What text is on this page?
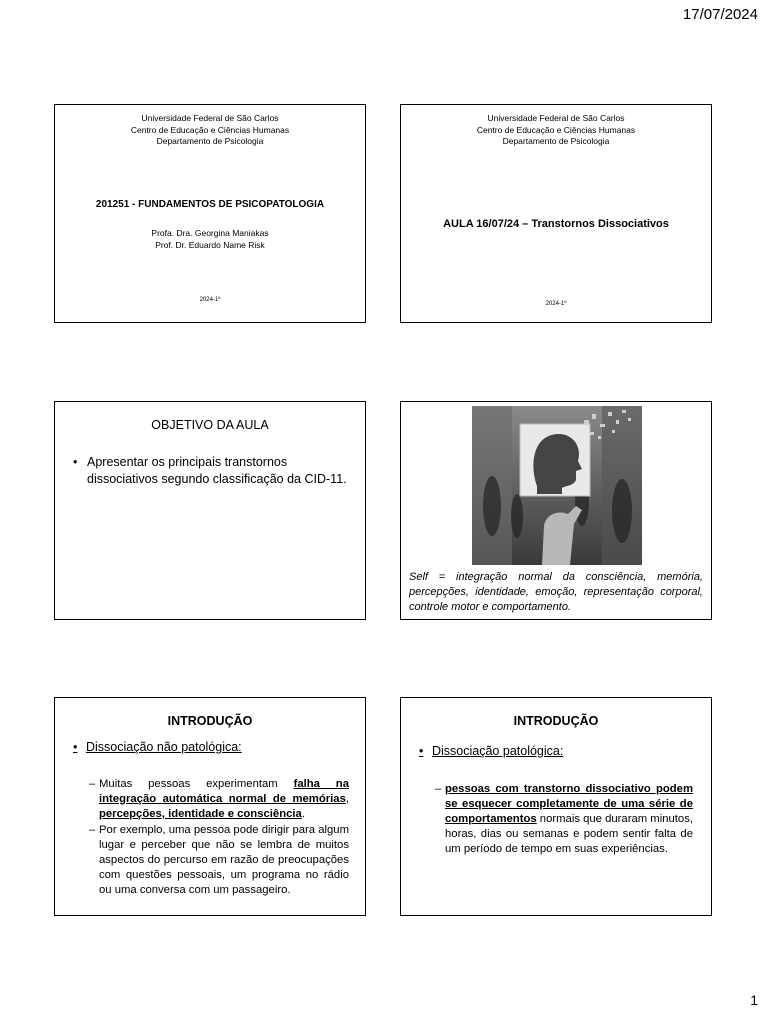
17/07/2024
Universidade Federal de São Carlos
Centro de Educação e Ciências Humanas
Departamento de Psicologia
201251 - FUNDAMENTOS DE PSICOPATOLOGIA
Profa. Dra. Georgina Maniakas
Prof. Dr. Eduardo Name Risk
2024-1º
Universidade Federal de São Carlos
Centro de Educação e Ciências Humanas
Departamento de Psicologia
AULA 16/07/24 – Transtornos Dissociativos
2024-1º
OBJETIVO DA AULA
• Apresentar os principais transtornos dissociativos segundo classificação da CID-11.
Self = integração normal da consciência, memória, percepções, identidade, emoção, representação corporal, controle motor e comportamento.
INTRODUÇÃO
• Dissociação não patológica:
– Muitas pessoas experimentam falha na integração automática normal de memórias, percepções, identidade e consciência.
– Por exemplo, uma pessoa pode dirigir para algum lugar e perceber que não se lembra de muitos aspectos do percurso em razão de preocupações com questões pessoais, um programa no rádio ou uma conversa com um passageiro.
INTRODUÇÃO
• Dissociação patológica:
– pessoas com transtorno dissociativo podem se esquecer completamente de uma série de comportamentos normais que duraram minutos, horas, dias ou semanas e podem sentir falta de um período de tempo em suas experiências.
1
